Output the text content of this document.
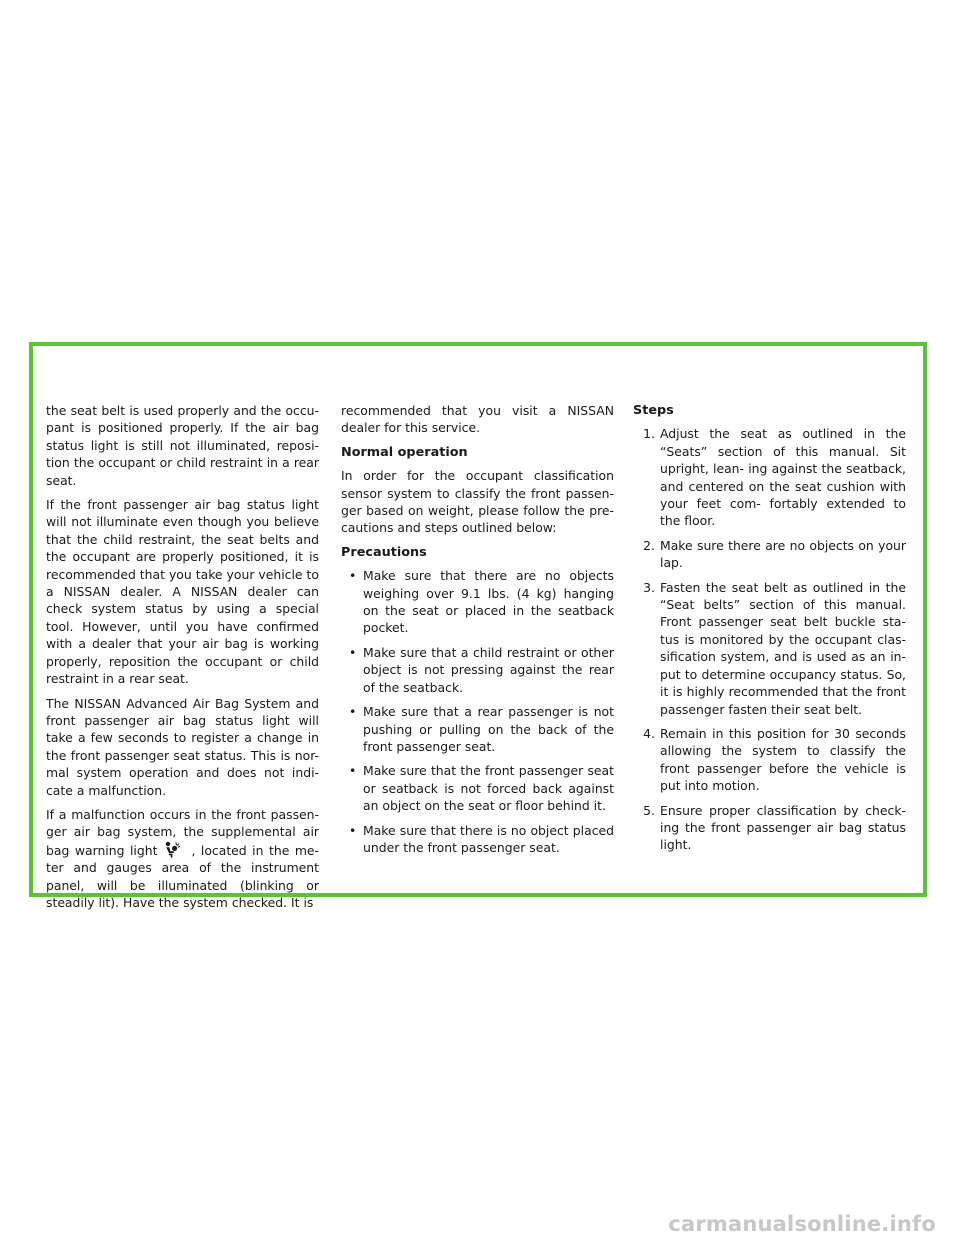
the seat belt is used properly and the occu- pant is positioned properly. If the air bag status light is still not illuminated, reposi- tion the occupant or child restraint in a rear seat.

If the front passenger air bag status light will not illuminate even though you believe that the child restraint, the seat belts and the occupant are properly positioned, it is recommended that you take your vehicle to a NISSAN dealer. A NISSAN dealer can check system status by using a special tool. However, until you have confirmed with a dealer that your air bag is working properly, reposition the occupant or child restraint in a rear seat.

The NISSAN Advanced Air Bag System and front passenger air bag status light will take a few seconds to register a change in the front passenger seat status. This is nor- mal system operation and does not indi- cate a malfunction.

If a malfunction occurs in the front passen- ger air bag system, the supplemental air bag warning light	, located in the me- ter and gauges area of the instrument panel, will be illuminated (blinking or steadily lit). Have the system checked. It is

recommended that you visit a NISSAN dealer for this service.

Normal operation

In order for the occupant classification sensor system to classify the front passen- ger based on weight, please follow the pre- cautions and steps outlined below:

Precautions
• Make sure that there are no objects weighing over 9.1 lbs. (4 kg) hanging on the seat or placed in the seatback pocket.
• Make sure that a child restraint or other object is not pressing against the rear of the seatback.
• Make sure that a rear passenger is not pushing or pulling on the back of the front passenger seat.
• Make sure that the front passenger seat or seatback is not forced back against an object on the seat or floor behind it.
• Make sure that there is no object placed under the front passenger seat.
Steps
1. Adjust the seat as outlined in the “Seats” section of this manual. Sit upright, lean- ing against the seatback, and centered on the seat cushion with your feet com- fortably extended to the floor.
2. Make sure there are no objects on your lap.
3. Fasten the seat belt as outlined in the “Seat belts” section of this manual. Front passenger seat belt buckle sta- tus is monitored by the occupant clas- sification system, and is used as an in- put to determine occupancy status. So, it is highly recommended that the front passenger fasten their seat belt.
4. Remain in this position for 30 seconds allowing the system to classify the front passenger before the vehicle is put into motion.
5. Ensure proper classification by check- ing the front passenger air bag status light.
carmanualsonline.info
